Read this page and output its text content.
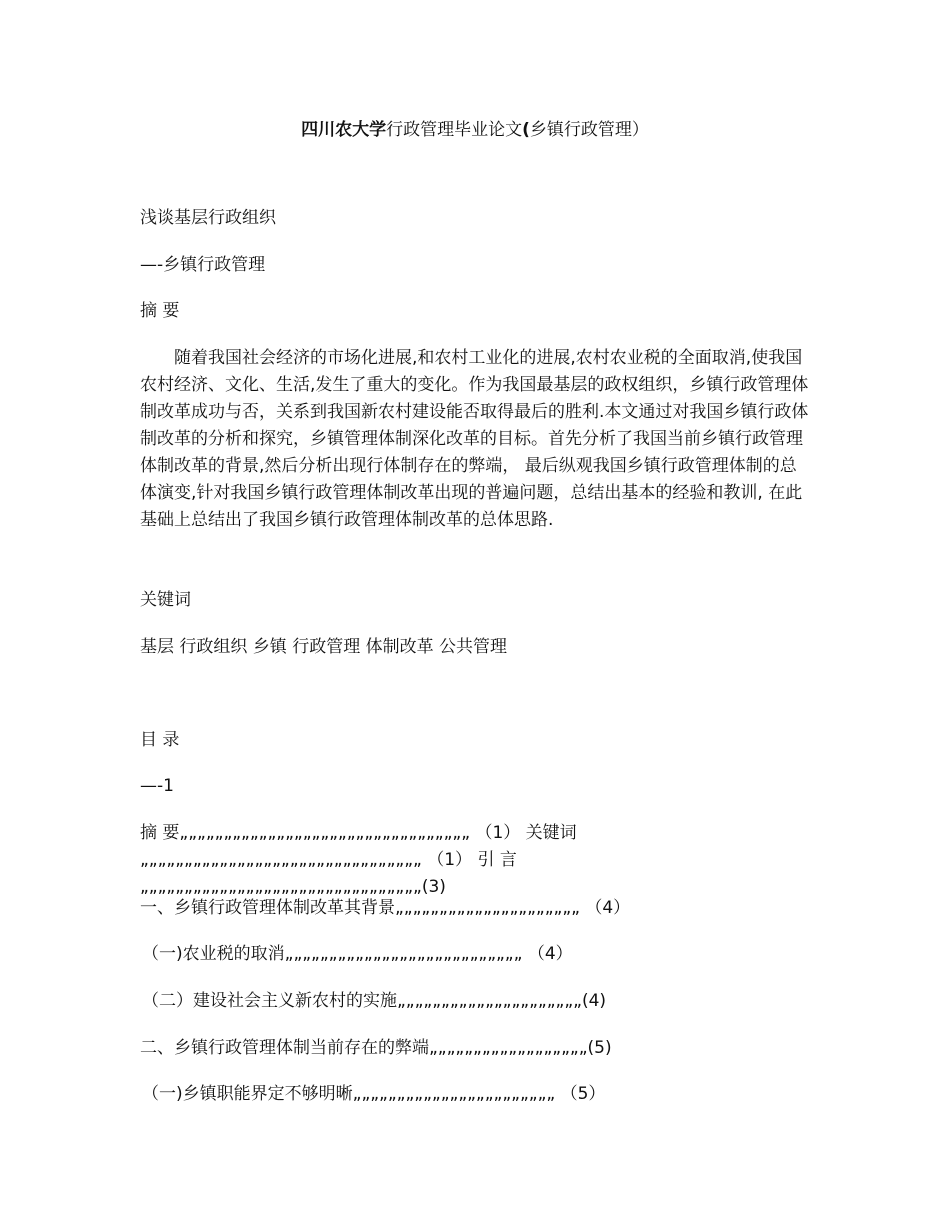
四川农大学行政管理毕业论文(乡镇行政管理）
浅谈基层行政组织
—-乡镇行政管理
摘 要

随着我国社会经济的市场化进展,和农村工业化的进展,农村农业税的全面取消,使我国农村经济、文化、生活,发生了重大的变化。作为我国最基层的政权组织，乡镇行政管理体制改革成功与否，关系到我国新农村建设能否取得最后的胜利.本文通过对我国乡镇行政体制改革的分析和探究，乡镇管理体制深化改革的目标。首先分析了我国当前乡镇行政管理体制改革的背景,然后分析出现行体制存在的弊端， 最后纵观我国乡镇行政管理体制的总体演变,针对我国乡镇行政管理体制改革出现的普遍问题，总结出基本的经验和教训, 在此基础上总结出了我国乡镇行政管理体制改革的总体思路.

关键词
基层 行政组织 乡镇 行政管理 体制改革 公共管理
目 录
—-1
摘 要„„„„„„„„„„„„„„„„„„„„„„„„„„„„„„„„„ （1） 关键词„„„„„„„„„„„„„„„„„„„„„„„„„„„„„„„„ （1） 引 言„„„„„„„„„„„„„„„„„„„„„„„„„„„„„„„„(3)
一、乡镇行政管理体制改革其背景„„„„„„„„„„„„„„„„„„„„„ （4）
（一)农业税的取消„„„„„„„„„„„„„„„„„„„„„„„„„„„ （4）
（二）建设社会主义新农村的实施„„„„„„„„„„„„„„„„„„„„„(4)
二、乡镇行政管理体制当前存在的弊端„„„„„„„„„„„„„„„„„„(5)
（一)乡镇职能界定不够明晰„„„„„„„„„„„„„„„„„„„„„„„ （5）
